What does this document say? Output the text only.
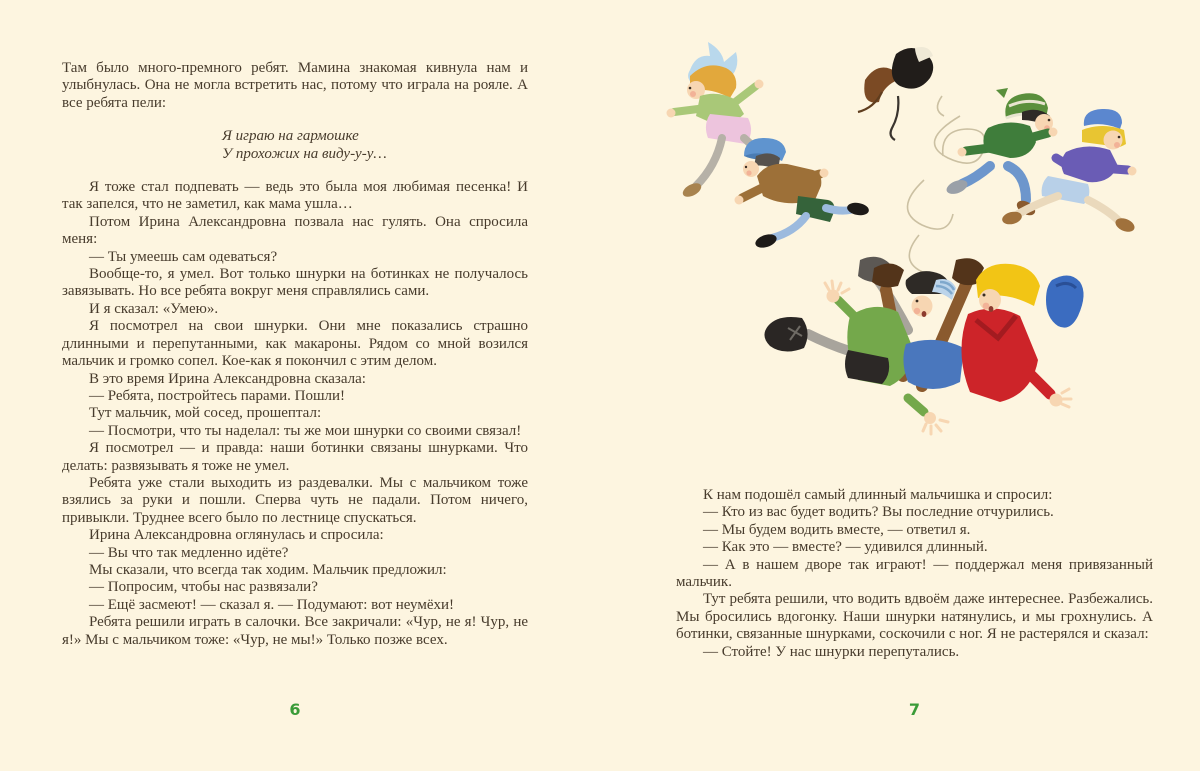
Там было много-премного ребят. Мамина знакомая кивнула нам и улыбнулась. Она не могла встретить нас, потому что играла на рояле. А все ребята пели:

Я играю на гармошке
У прохожих на виду-у-у…

Я тоже стал подпевать — ведь это была моя любимая песенка! И так запелся, что не заметил, как мама ушла…

Потом Ирина Александровна позвала нас гулять. Она спросила меня:

— Ты умеешь сам одеваться?

Вообще-то, я умел. Вот только шнурки на ботинках не получалось завязывать. Но все ребята вокруг меня справлялись сами.

И я сказал: «Умею».

Я посмотрел на свои шнурки. Они мне показались страшно длинными и перепутанными, как макароны. Рядом со мной возился мальчик и громко сопел. Кое-как я покончил с этим делом.

В это время Ирина Александровна сказала:

— Ребята, постройтесь парами. Пошли!

Тут мальчик, мой сосед, прошептал:

— Посмотри, что ты наделал: ты же мои шнурки со своими связал!

Я посмотрел — и правда: наши ботинки связаны шнурками. Что делать: развязывать я тоже не умел.

Ребята уже стали выходить из раздевалки. Мы с мальчиком тоже взялись за руки и пошли. Сперва чуть не падали. Потом ничего, привыкли. Труднее всего было по лестнице спускаться.

Ирина Александровна оглянулась и спросила:

— Вы что так медленно идёте?

Мы сказали, что всегда так ходим. Мальчик предложил:

— Попросим, чтобы нас развязали?

— Ещё засмеют! — сказал я. — Подумают: вот неумёхи!

Ребята решили играть в салочки. Все закричали: «Чур, не я! Чур, не я!» Мы с мальчиком тоже: «Чур, не мы!» Только позже всех.

К нам подошёл самый длинный мальчишка и спросил:

— Кто из вас будет водить? Вы последние отчурились.

— Мы будем водить вместе, — ответил я.

— Как это — вместе? — удивился длинный.

— А в нашем дворе так играют! — поддержал меня привязанный мальчик.

Тут ребята решили, что водить вдвоём даже интереснее. Разбежались. Мы бросились вдогонку. Наши шнурки натянулись, и мы грохнулись. А ботинки, связанные шнурками, соскочили с ног. Я не растерялся и сказал:

— Стойте! У нас шнурки перепутались.

6	7
